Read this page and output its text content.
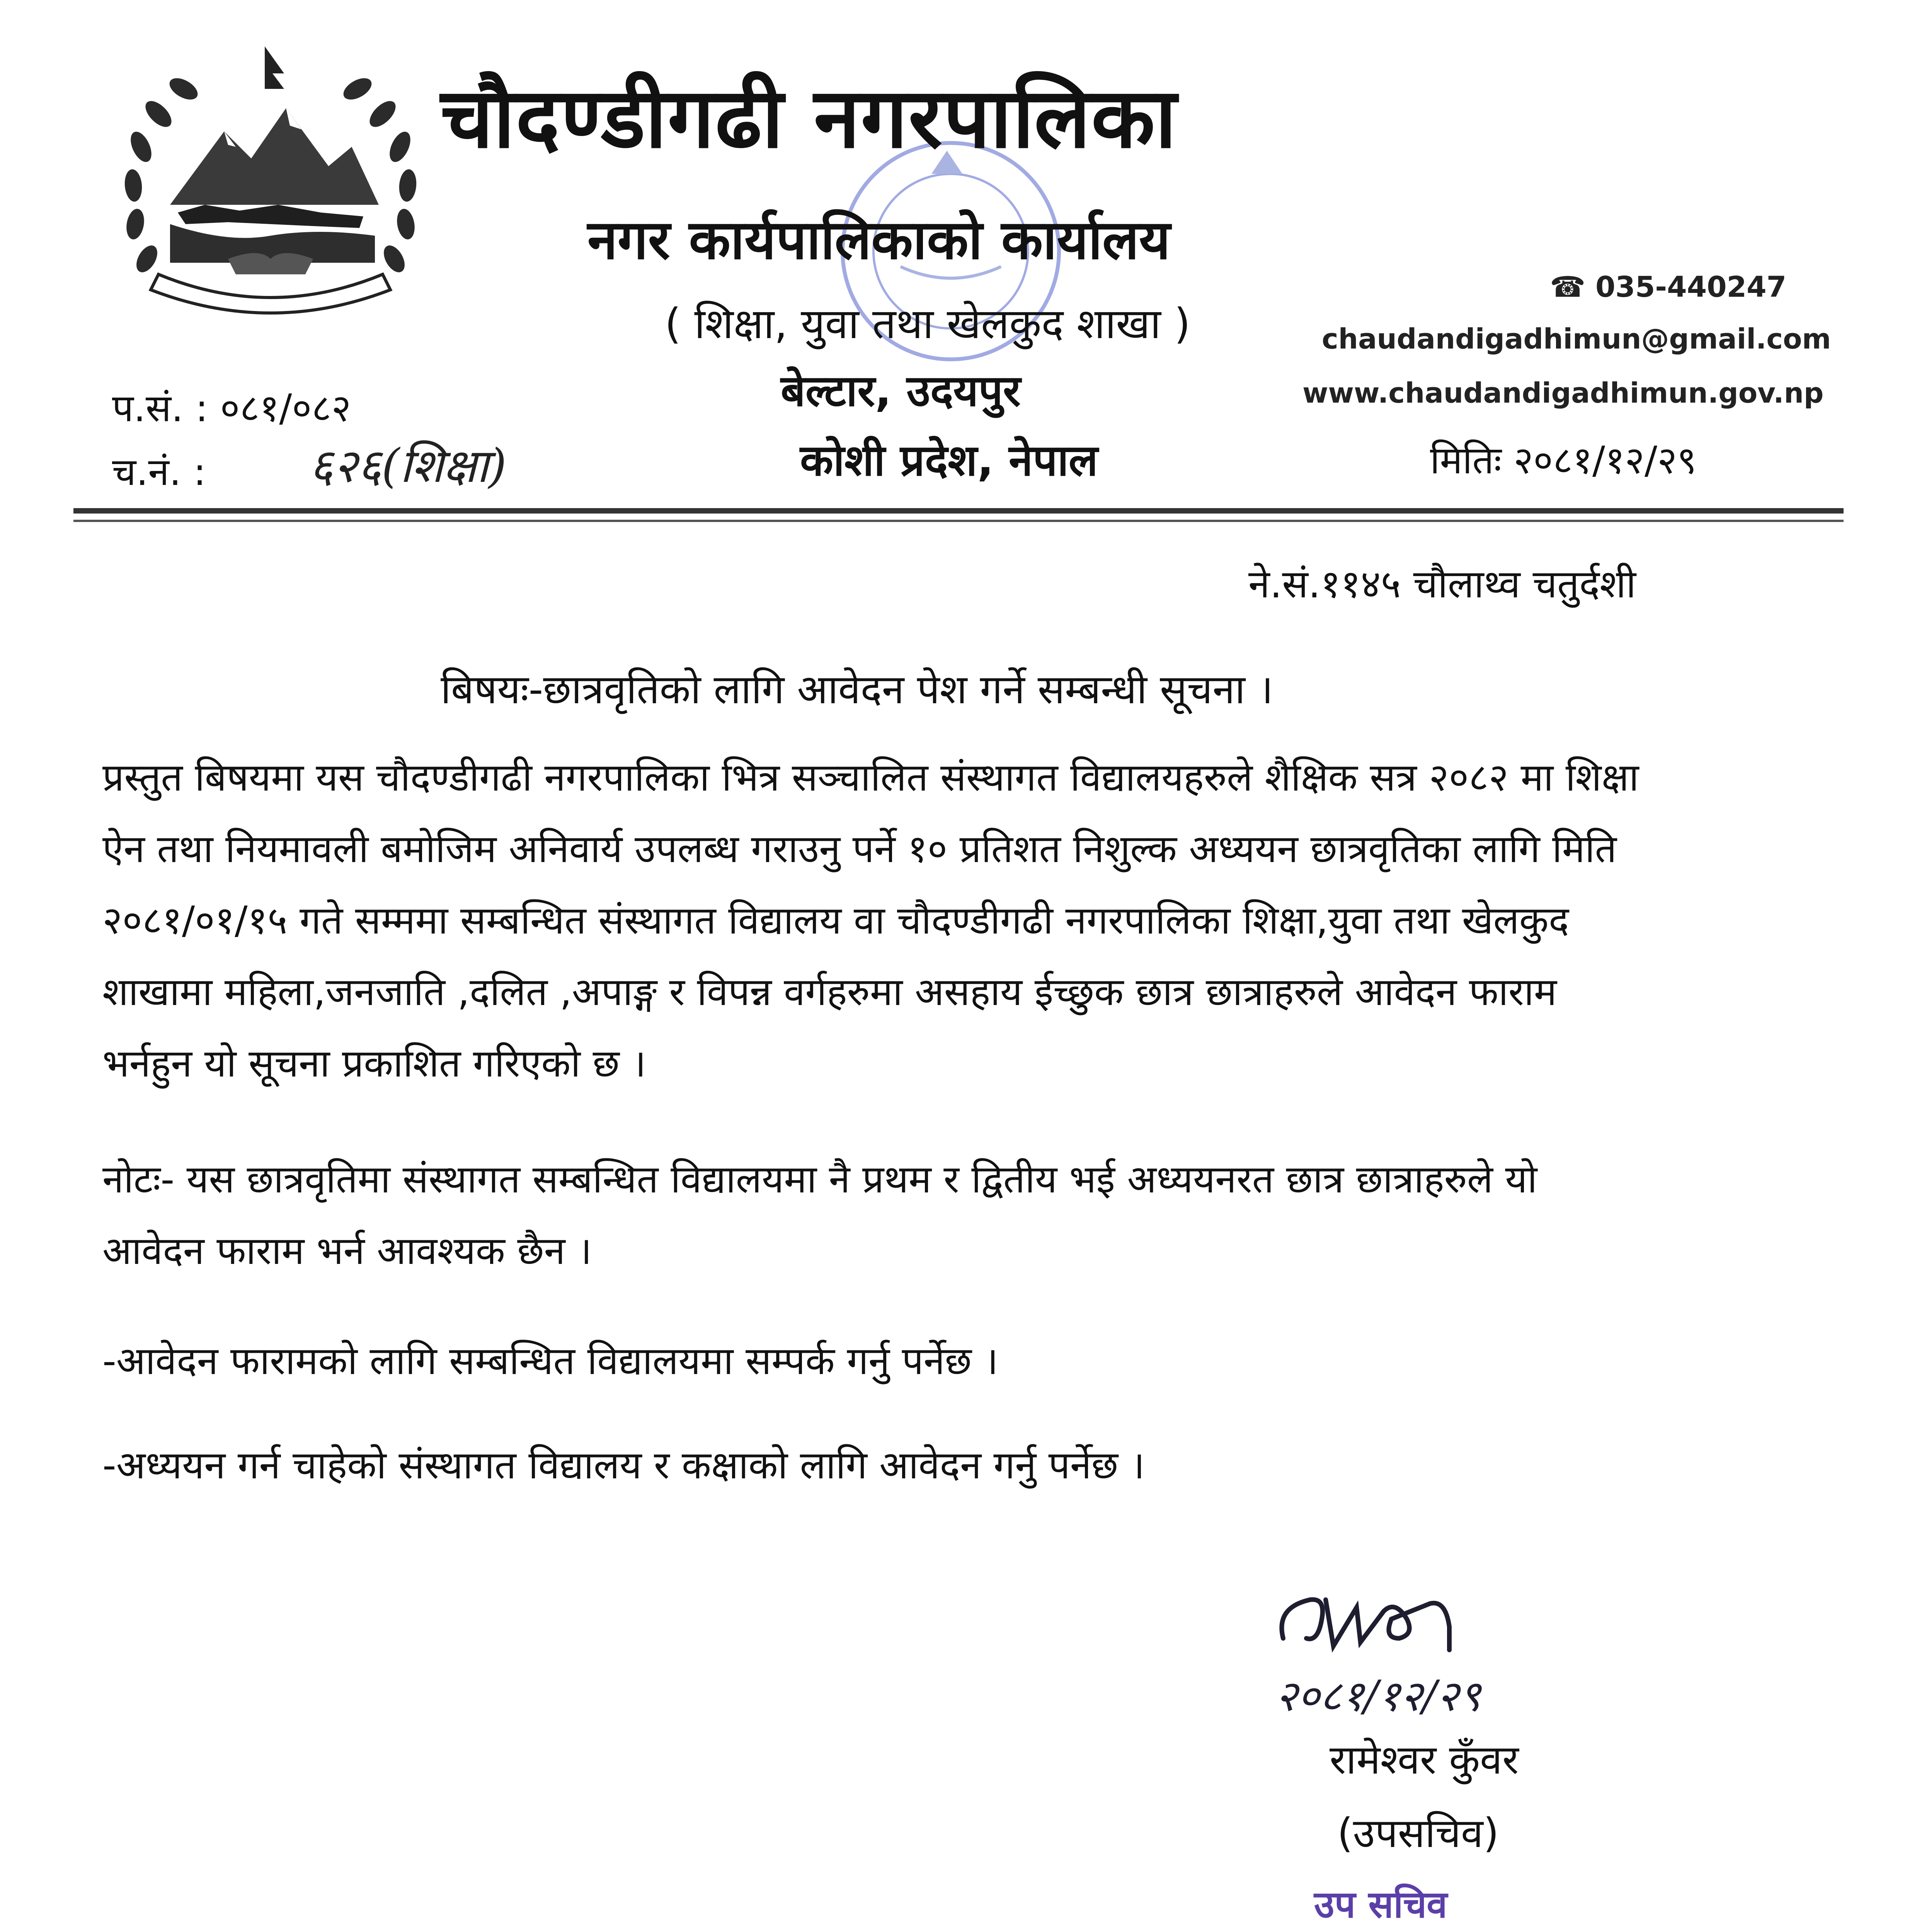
चौदण्डीगढी नगरपालिका
नगर कार्यपालिकाको कार्यालय
( शिक्षा, युवा तथा खेलकुद शाखा )
बेल्टार, उदयपुर
कोशी प्रदेश, नेपाल
☎ 035-440247
chaudandigadhimun@gmail.com
www.chaudandigadhimun.gov.np
मितिः २०८१/१२/२९
प.सं. : ०८१/०८२
च.नं. : ६२६(शिक्षा)
ने.सं.११४५ चौलाथ्व चतुर्दशी
बिषयः-छात्रवृतिको लागि आवेदन पेश गर्ने सम्बन्धी सूचना ।
प्रस्तुत बिषयमा यस चौदण्डीगढी नगरपालिका भित्र सञ्चालित संस्थागत विद्यालयहरुले शैक्षिक सत्र २०८२ मा शिक्षा
ऐन तथा नियमावली बमोजिम अनिवार्य उपलब्ध गराउनु पर्ने १० प्रतिशत निशुल्क अध्ययन छात्रवृतिका लागि मिति
२०८१/०१/१५ गते सम्ममा सम्बन्धित संस्थागत विद्यालय वा चौदण्डीगढी नगरपालिका शिक्षा,युवा तथा खेलकुद
शाखामा महिला,जनजाति ,दलित ,अपाङ्ग र विपन्न वर्गहरुमा असहाय ईच्छुक छात्र छात्राहरुले आवेदन फाराम
भर्नहुन यो सूचना प्रकाशित गरिएको छ ।
नोटः- यस छात्रवृतिमा संस्थागत सम्बन्धित विद्यालयमा नै प्रथम र द्वितीय भई अध्ययनरत छात्र छात्राहरुले यो
आवेदन फाराम भर्न आवश्यक छैन ।
-आवेदन फारामको लागि सम्बन्धित विद्यालयमा सम्पर्क गर्नु पर्नेछ ।
-अध्ययन गर्न चाहेको संस्थागत विद्यालय र कक्षाको लागि आवेदन गर्नु पर्नेछ ।
२०८१/१२/२९
रामेश्वर कुँवर
(उपसचिव)
उप सचिव
